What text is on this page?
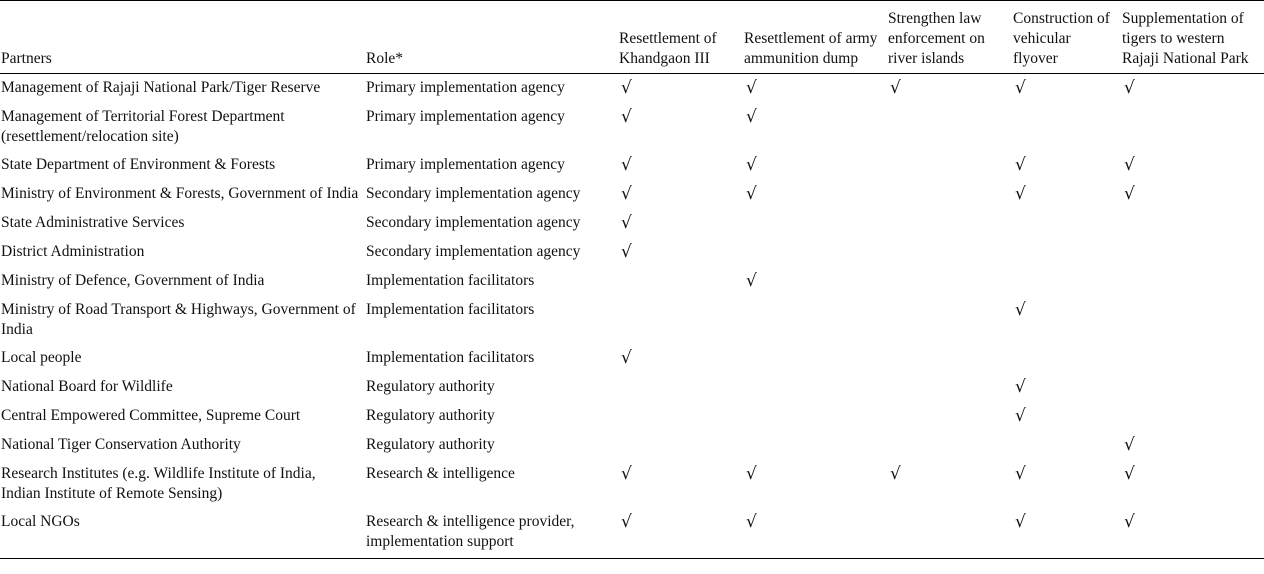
Partners	Role*	Resettlement of Khandgaon III	Resettlement of army ammunition dump	Strengthen law enforcement on river islands	Construction of vehicular flyover	Supplementation of tigers to western Rajaji National Park
Management of Rajaji National Park/Tiger Reserve	Primary implementation agency	√	√	√	√	√
Management of Territorial Forest Department (resettlement/relocation site)	Primary implementation agency	√	√			
State Department of Environment & Forests	Primary implementation agency	√	√		√	√
Ministry of Environment & Forests, Government of India	Secondary implementation agency	√	√		√	√
State Administrative Services	Secondary implementation agency	√				
District Administration	Secondary implementation agency	√				
Ministry of Defence, Government of India	Implementation facilitators		√			
Ministry of Road Transport & Highways, Government of India	Implementation facilitators				√	
Local people	Implementation facilitators	√				
National Board for Wildlife	Regulatory authority				√	
Central Empowered Committee, Supreme Court	Regulatory authority				√	
National Tiger Conservation Authority	Regulatory authority					√
Research Institutes (e.g. Wildlife Institute of India, Indian Institute of Remote Sensing)	Research & intelligence	√	√	√	√	√
Local NGOs	Research & intelligence provider, implementation support	√	√		√	√
